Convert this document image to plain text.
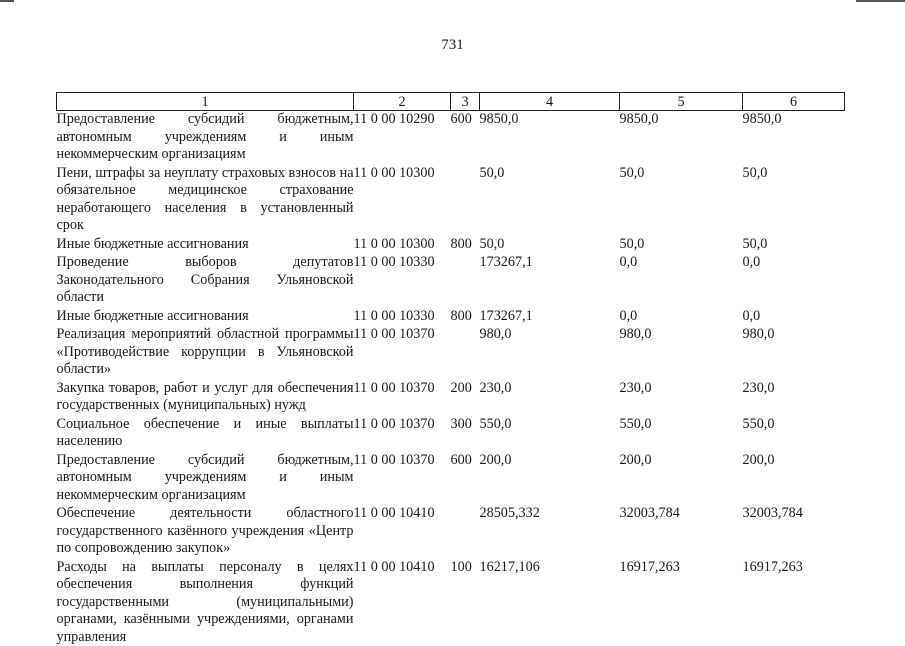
731
1	2	3	4	5	6
Предоставление субсидий бюджетным, автономным учреждениям и иным некоммерческим организациям	11 0 00 10290	600	9850,0	9850,0	9850,0
Пени, штрафы за неуплату страховых взносов на обязательное медицинское страхование неработающего населения в установленный срок	11 0 00 10300		50,0	50,0	50,0
Иные бюджетные ассигнования	11 0 00 10300	800	50,0	50,0	50,0
Проведение выборов депутатов Законодательного Собрания Ульяновской области	11 0 00 10330		173267,1	0,0	0,0
Иные бюджетные ассигнования	11 0 00 10330	800	173267,1	0,0	0,0
Реализация мероприятий областной программы «Противодействие коррупции в Ульяновской области»	11 0 00 10370		980,0	980,0	980,0
Закупка товаров, работ и услуг для обеспечения государственных (муниципальных) нужд	11 0 00 10370	200	230,0	230,0	230,0
Социальное обеспечение и иные выплаты населению	11 0 00 10370	300	550,0	550,0	550,0
Предоставление субсидий бюджетным, автономным учреждениям и иным некоммерческим организациям	11 0 00 10370	600	200,0	200,0	200,0
Обеспечение деятельности областного государственного казённого учреждения «Центр по сопровождению закупок»	11 0 00 10410		28505,332	32003,784	32003,784
Расходы на выплаты персоналу в целях обеспечения выполнения функций государственными (муниципальными) органами, казёнными учреждениями, органами управления	11 0 00 10410	100	16217,106	16917,263	16917,263
